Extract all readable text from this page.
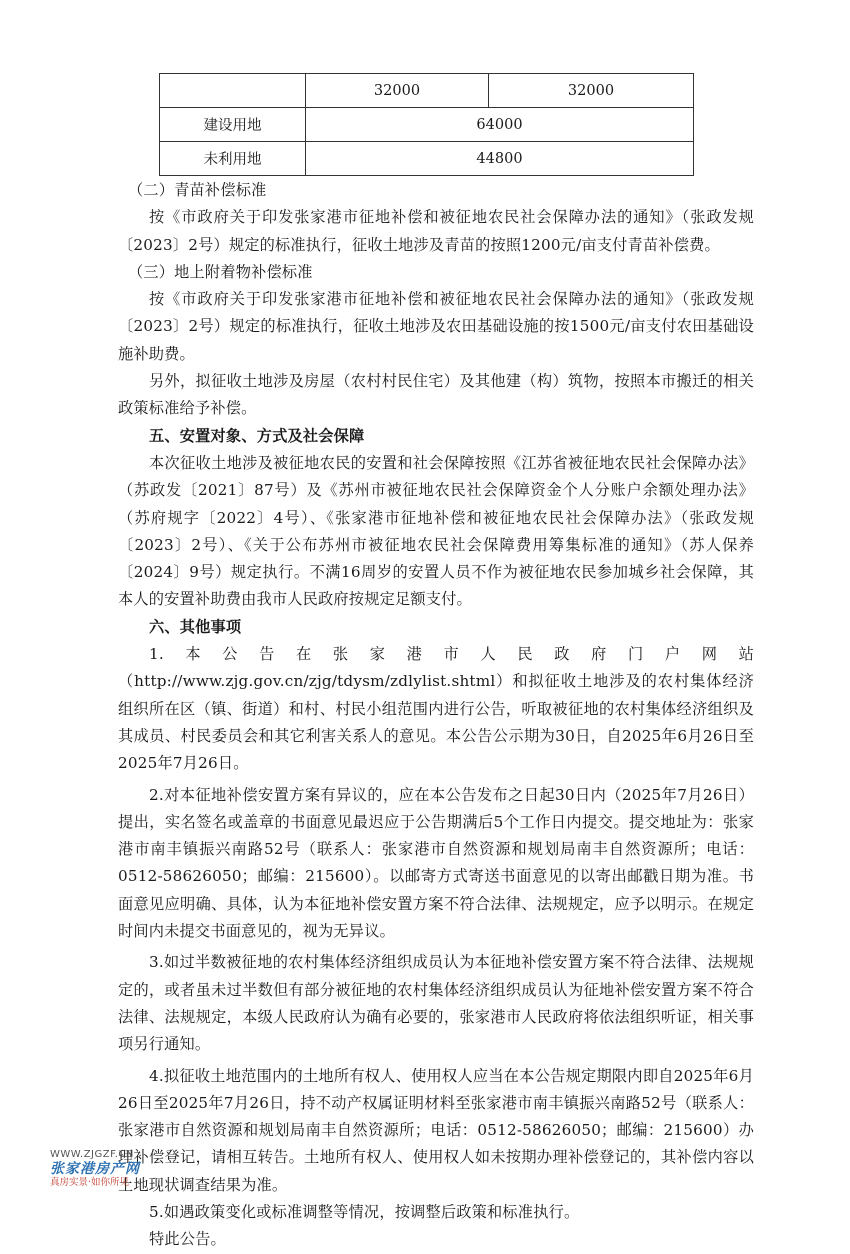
	32000	32000
建设用地	64000	
未利用地	44800	

（二）青苗补偿标准

按《市政府关于印发张家港市征地补偿和被征地农民社会保障办法的通知》（张政发规〔2023〕2号）规定的标准执行，征收土地涉及青苗的按照1200元/亩支付青苗补偿费。

（三）地上附着物补偿标准

按《市政府关于印发张家港市征地补偿和被征地农民社会保障办法的通知》（张政发规〔2023〕2号）规定的标准执行，征收土地涉及农田基础设施的按1500元/亩支付农田基础设施补助费。

另外，拟征收土地涉及房屋（农村村民住宅）及其他建（构）筑物，按照本市搬迁的相关政策标准给予补偿。

五、安置对象、方式及社会保障

本次征收土地涉及被征地农民的安置和社会保障按照《江苏省被征地农民社会保障办法》（苏政发〔2021〕87号）及《苏州市被征地农民社会保障资金个人分账户余额处理办法》（苏府规字〔2022〕4号）、《张家港市征地补偿和被征地农民社会保障办法》（张政发规〔2023〕2号）、《关于公布苏州市被征地农民社会保障费用筹集标准的通知》（苏人保养〔2024〕9号）规定执行。不满16周岁的安置人员不作为被征地农民参加城乡社会保障，其本人的安置补助费由我市人民政府按规定足额支付。

六、其他事项

1.本公告在张家港市人民政府门户网站（http://www.zjg.gov.cn/zjg/tdysm/zdlylist.shtml）和拟征收土地涉及的农村集体经济组织所在区（镇、街道）和村、村民小组范围内进行公告，听取被征地的农村集体经济组织及其成员、村民委员会和其它利害关系人的意见。本公告公示期为30日，自2025年6月26日至2025年7月26日。

2.对本征地补偿安置方案有异议的，应在本公告发布之日起30日内（2025年7月26日）提出，实名签名或盖章的书面意见最迟应于公告期满后5个工作日内提交。提交地址为：张家港市南丰镇振兴南路52号（联系人：张家港市自然资源和规划局南丰自然资源所；电话：0512-58626050；邮编：215600）。以邮寄方式寄送书面意见的以寄出邮戳日期为准。书面意见应明确、具体，认为本征地补偿安置方案不符合法律、法规规定，应予以明示。在规定时间内未提交书面意见的，视为无异议。

3.如过半数被征地的农村集体经济组织成员认为本征地补偿安置方案不符合法律、法规规定的，或者虽未过半数但有部分被征地的农村集体经济组织成员认为征地补偿安置方案不符合法律、法规规定，本级人民政府认为确有必要的，张家港市人民政府将依法组织听证，相关事项另行通知。

4.拟征收土地范围内的土地所有权人、使用权人应当在本公告规定期限内即自2025年6月26日至2025年7月26日，持不动产权属证明材料至张家港市南丰镇振兴南路52号（联系人：张家港市自然资源和规划局南丰自然资源所；电话：0512-58626050；邮编：215600）办理补偿登记，请相互转告。土地所有权人、使用权人如未按期办理补偿登记的，其补偿内容以土地现状调查结果为准。

5.如遇政策变化或标准调整等情况，按调整后政策和标准执行。

特此公告。

WWW.ZJGZF.CN
张家港房产网
真房实景·如你所见
